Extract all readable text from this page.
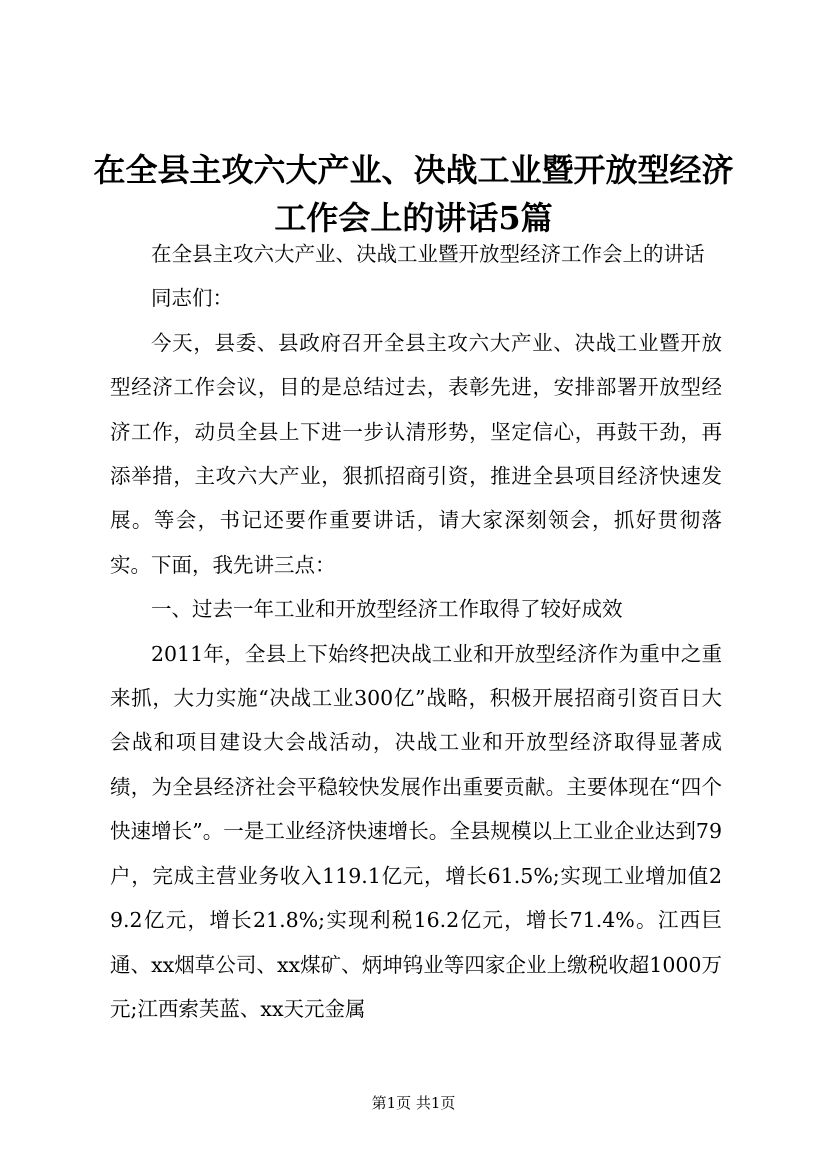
在全县主攻六大产业、决战工业暨开放型经济
工作会上的讲话5篇

在全县主攻六大产业、决战工业暨开放型经济工作会上的讲话

同志们：

今天，县委、县政府召开全县主攻六大产业、决战工业暨开放型经济工作会议，目的是总结过去，表彰先进，安排部署开放型经济工作，动员全县上下进一步认清形势，坚定信心，再鼓干劲，再添举措，主攻六大产业，狠抓招商引资，推进全县项目经济快速发展。等会，书记还要作重要讲话，请大家深刻领会，抓好贯彻落实。下面，我先讲三点：

一、过去一年工业和开放型经济工作取得了较好成效

2011年，全县上下始终把决战工业和开放型经济作为重中之重来抓，大力实施“决战工业300亿”战略，积极开展招商引资百日大会战和项目建设大会战活动，决战工业和开放型经济取得显著成绩，为全县经济社会平稳较快发展作出重要贡献。主要体现在“四个快速增长”。一是工业经济快速增长。全县规模以上工业企业达到79户，完成主营业务收入119.1亿元，增长61.5%;实现工业增加值29.2亿元，增长21.8%;实现利税16.2亿元，增长71.4%。江西巨通、xx烟草公司、xx煤矿、炳坤钨业等四家企业上缴税收超1000万元;江西索芙蓝、xx天元金属

第1页 共1页
